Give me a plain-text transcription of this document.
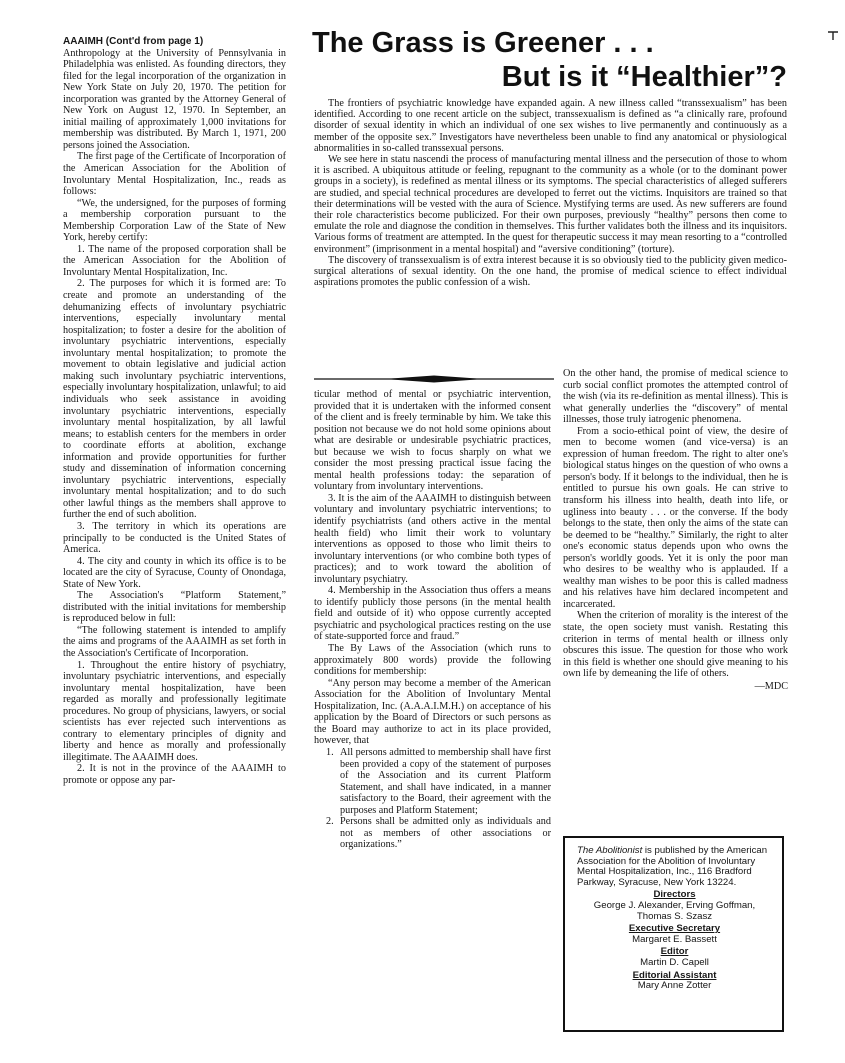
AAAIMH (Cont'd from page 1)

Anthropology at the University of Pennsylvania in Philadelphia was enlisted. As founding directors, they filed for the legal incorporation of the organization in New York State on July 20, 1970. The petition for incorporation was granted by the Attorney General of New York on August 12, 1970. In September, an initial mailing of approximately 1,000 invitations for membership was distributed. By March 1, 1971, 200 persons joined the Association.

The first page of the Certificate of Incorporation of the American Association for the Abolition of Involuntary Mental Hospitalization, Inc., reads as follows:

“We, the undersigned, for the purposes of forming a membership corporation pursuant to the Membership Corporation Law of the State of New York, hereby certify:

1. The name of the proposed corporation shall be the American Association for the Abolition of Involuntary Mental Hospitalization, Inc.

2. The purposes for which it is formed are: To create and promote an understanding of the dehumanizing effects of involuntary psychiatric interventions, especially involuntary mental hospitalization; to foster a desire for the abolition of involuntary psychiatric interventions, especially involuntary mental hospitalization; to promote the movement to obtain legislative and judicial action making such involuntary psychiatric interventions, especially involuntary hospitalization, unlawful; to aid individuals who seek assistance in avoiding involuntary psychiatric interventions, especially involuntary mental hospitalization, by all lawful means; to establish centers for the members in order to coordinate efforts at abolition, exchange information and provide opportunities for further study and dissemination of information concerning involuntary psychiatric interventions, especially involuntary mental hospitalization; and to do such other lawful things as the members shall approve to further the end of such abolition.

3. The territory in which its operations are principally to be conducted is the United States of America.

4. The city and county in which its office is to be located are the city of Syracuse, County of Onondaga, State of New York.

The Association's “Platform Statement,” distributed with the initial invitations for membership is reproduced below in full:

“The following statement is intended to amplify the aims and programs of the AAAIMH as set forth in the Association's Certificate of Incorporation.

1. Throughout the entire history of psychiatry, involuntary psychiatric interventions, and especially involuntary mental hospitalization, have been regarded as morally and professionally legitimate procedures. No group of physicians, lawyers, or social scientists has ever rejected such interventions as contrary to elementary principles of dignity and liberty and hence as morally and professionally illegitimate. The AAAIMH does.

2. It is not in the province of the AAAIMH to promote or oppose any par-

The Grass is Greener . . .
But is it “Healthier”?

The frontiers of psychiatric knowledge have expanded again. A new illness called “transsexualism” has been identified. According to one recent article on the subject, transsexualism is defined as “a clinically rare, profound disorder of sexual identity in which an individual of one sex wishes to live permanently and continuously as a member of the opposite sex.” Investigators have nevertheless been unable to find any anatomical or physiological abnormalities in so-called transsexual persons.

We see here in statu nascendi the process of manufacturing mental illness and the persecution of those to whom it is ascribed. A ubiquitous attitude or feeling, repugnant to the community as a whole (or to the dominant power groups in a society), is redefined as mental illness or its symptoms. The special characteristics of alleged sufferers are studied, and special technical procedures are developed to ferret out the victims. Inquisitors are trained so that their determinations will be vested with the aura of Science. Mystifying terms are used. As new sufferers are found their role characteristics become publicized. For their own purposes, previously “healthy” persons then come to emulate the role and diagnose the condition in themselves. This further validates both the illness and its inquisitors. Various forms of treatment are attempted. In the quest for therapeutic success it may mean resorting to a “controlled environment” (imprisonment in a mental hospital) and “aversive conditioning” (torture).

The discovery of transsexualism is of extra interest because it is so obviously tied to the publicity given medico-surgical alterations of sexual identity. On the one hand, the promise of medical science to effect individual aspirations promotes the public confession of a wish.

ticular method of mental or psychiatric intervention, provided that it is undertaken with the informed consent of the client and is freely terminable by him. We take this position not because we do not hold some opinions about what are desirable or undesirable psychiatric practices, but because we wish to focus sharply on what we consider the most pressing practical issue facing the mental health professions today: the separation of voluntary from involuntary interventions.

3. It is the aim of the AAAIMH to distinguish between voluntary and involuntary psychiatric interventions; to identify psychiatrists (and others active in the mental health field) who limit their work to voluntary interventions as opposed to those who limit theirs to involuntary interventions (or who combine both types of practices); and to work toward the abolition of involuntary psychiatry.

4. Membership in the Association thus offers a means to identify publicly those persons (in the mental health field and outside of it) who oppose currently accepted psychiatric and psychological practices resting on the use of state-supported force and fraud.”

The By Laws of the Association (which runs to approximately 800 words) provide the following conditions for membership:

“Any person may become a member of the American Association for the Abolition of Involuntary Mental Hospitalization, Inc. (A.A.A.I.M.H.) on acceptance of his application by the Board of Directors or such persons as the Board may authorize to act in its place provided, however, that

1. All persons admitted to membership shall have first been provided a copy of the statement of purposes of the Association and its current Platform Statement, and shall have indicated, in a manner satisfactory to the Board, their agreement with the purposes and Platform Statement;
2. Persons shall be admitted only as individuals and not as members of other associations or organizations.”

On the other hand, the promise of medical science to curb social conflict promotes the attempted control of the wish (via its re-definition as mental illness). This is what generally underlies the “discovery” of mental illnesses, those truly iatrogenic phenomena.

From a socio-ethical point of view, the desire of men to become women (and vice-versa) is an expression of human freedom. The right to alter one's biological status hinges on the question of who owns a person's body. If it belongs to the individual, then he is entitled to pursue his own goals. He can strive to transform his illness into health, death into life, or ugliness into beauty . . . or the converse. If the body belongs to the state, then only the aims of the state can be deemed to be “healthy.” Similarly, the right to alter one's economic status depends upon who owns the person's worldly goods. Yet it is only the poor man who desires to be wealthy who is applauded. If a wealthy man wishes to be poor this is called madness and his relatives have him declared incompetent and incarcerated.

When the criterion of morality is the interest of the state, the open society must vanish. Restating this criterion in terms of mental health or illness only obscures this issue. The question for those who work in this field is whether one should give meaning to his own life by demeaning the life of others.

—MDC
The Abolitionist is published by the American Association for the Abolition of Involuntary Mental Hospitalization, Inc., 116 Bradford Parkway, Syracuse, New York 13224.
Directors
George J. Alexander, Erving Goffman,
Thomas S. Szasz
Executive Secretary
Margaret E. Bassett
Editor
Martin D. Capell
Editorial Assistant
Mary Anne Zotter
